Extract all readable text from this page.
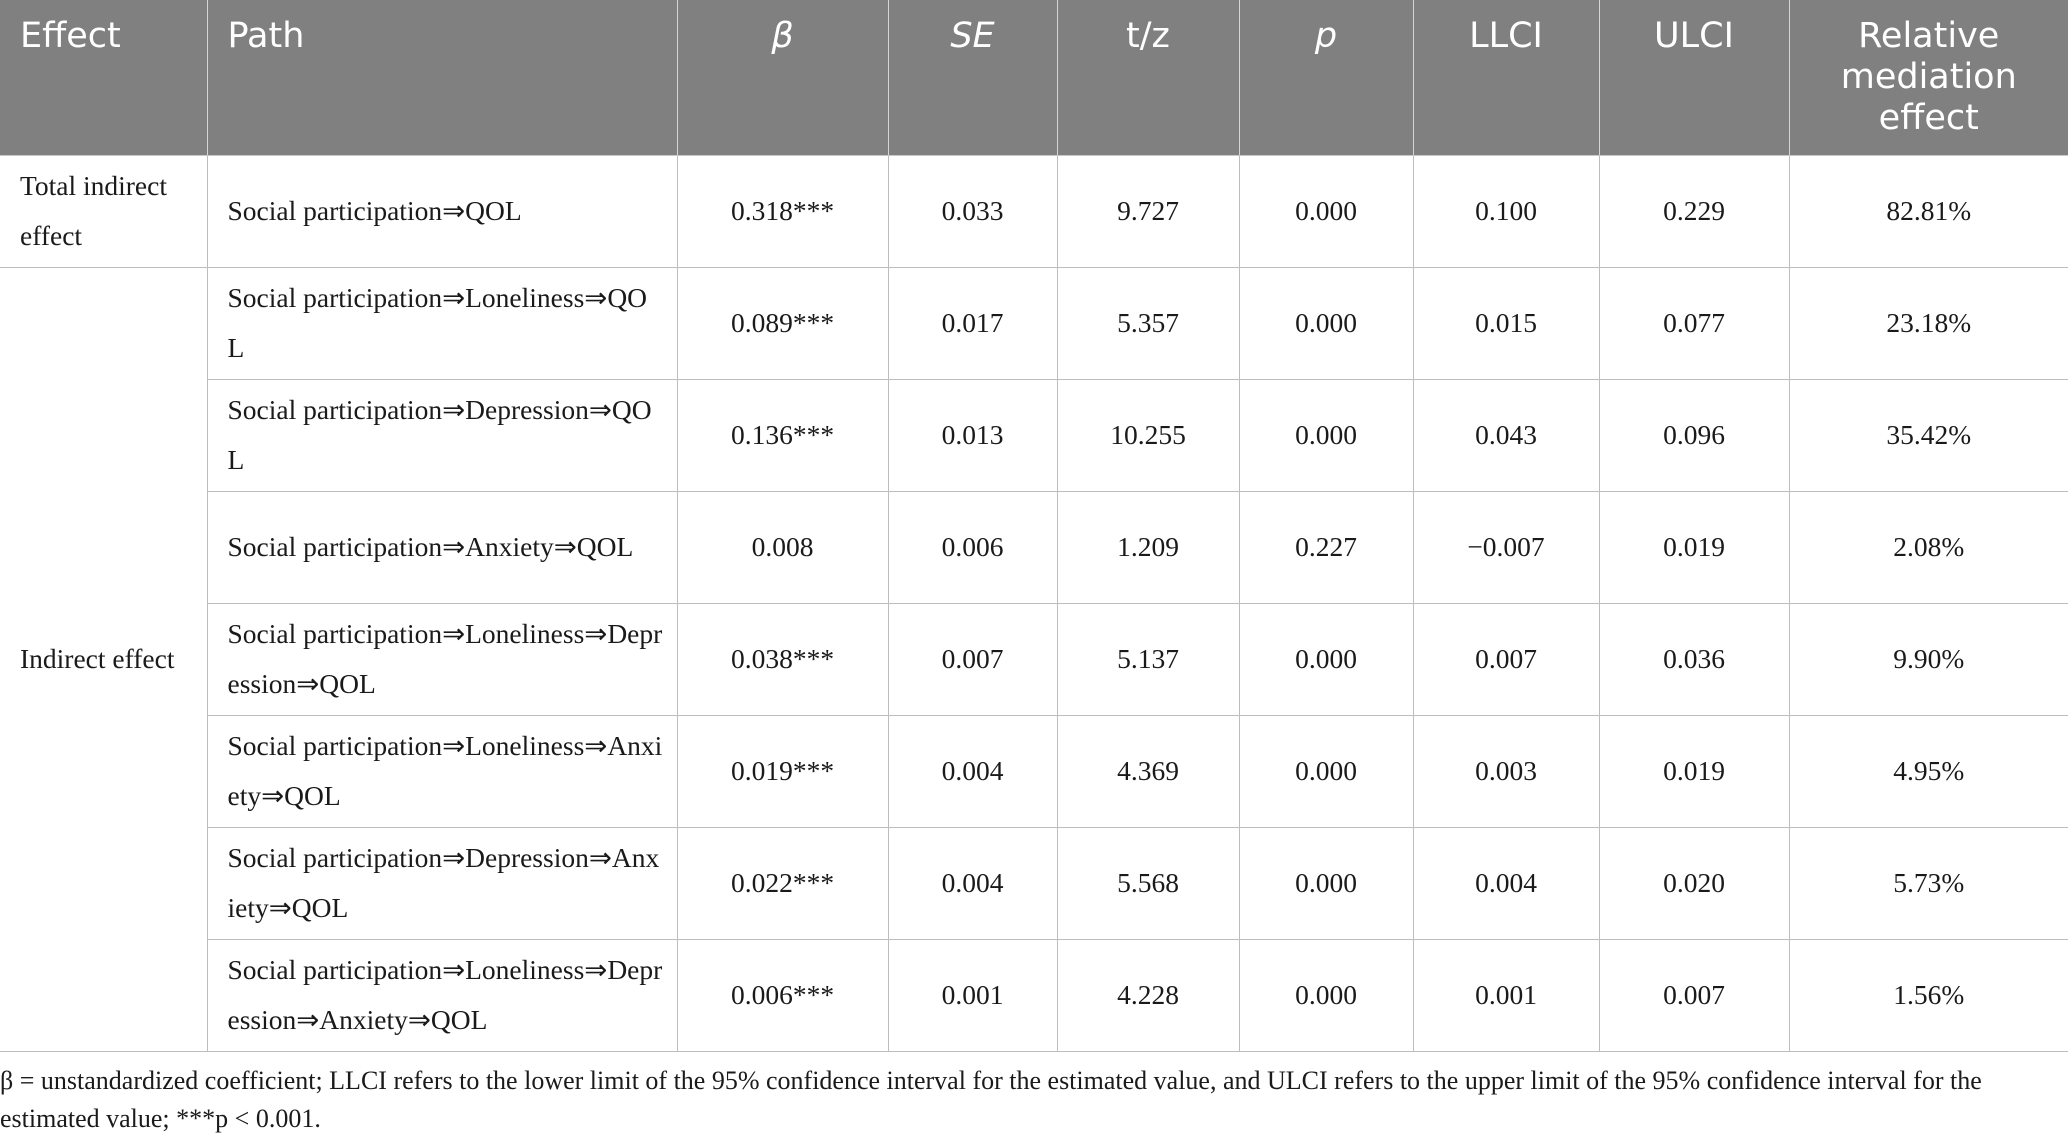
Effect	Path	β	SE	t/z	p	LLCI	ULCI	Relative mediation effect
Total indirect effect	Social participation⇒QOL	0.318***	0.033	9.727	0.000	0.100	0.229	82.81%
Indirect effect	Social participation⇒Loneliness⇒QOL	0.089***	0.017	5.357	0.000	0.015	0.077	23.18%
	Social participation⇒Depression⇒QOL	0.136***	0.013	10.255	0.000	0.043	0.096	35.42%
	Social participation⇒Anxiety⇒QOL	0.008	0.006	1.209	0.227	−0.007	0.019	2.08%
	Social participation⇒Loneliness⇒Depression⇒QOL	0.038***	0.007	5.137	0.000	0.007	0.036	9.90%
	Social participation⇒Loneliness⇒Anxiety⇒QOL	0.019***	0.004	4.369	0.000	0.003	0.019	4.95%
	Social participation⇒Depression⇒Anxiety⇒QOL	0.022***	0.004	5.568	0.000	0.004	0.020	5.73%
	Social participation⇒Loneliness⇒Depression⇒Anxiety⇒QOL	0.006***	0.001	4.228	0.000	0.001	0.007	1.56%
β = unstandardized coefficient; LLCI refers to the lower limit of the 95% confidence interval for the estimated value, and ULCI refers to the upper limit of the 95% confidence interval for the estimated value; ***p < 0.001.
